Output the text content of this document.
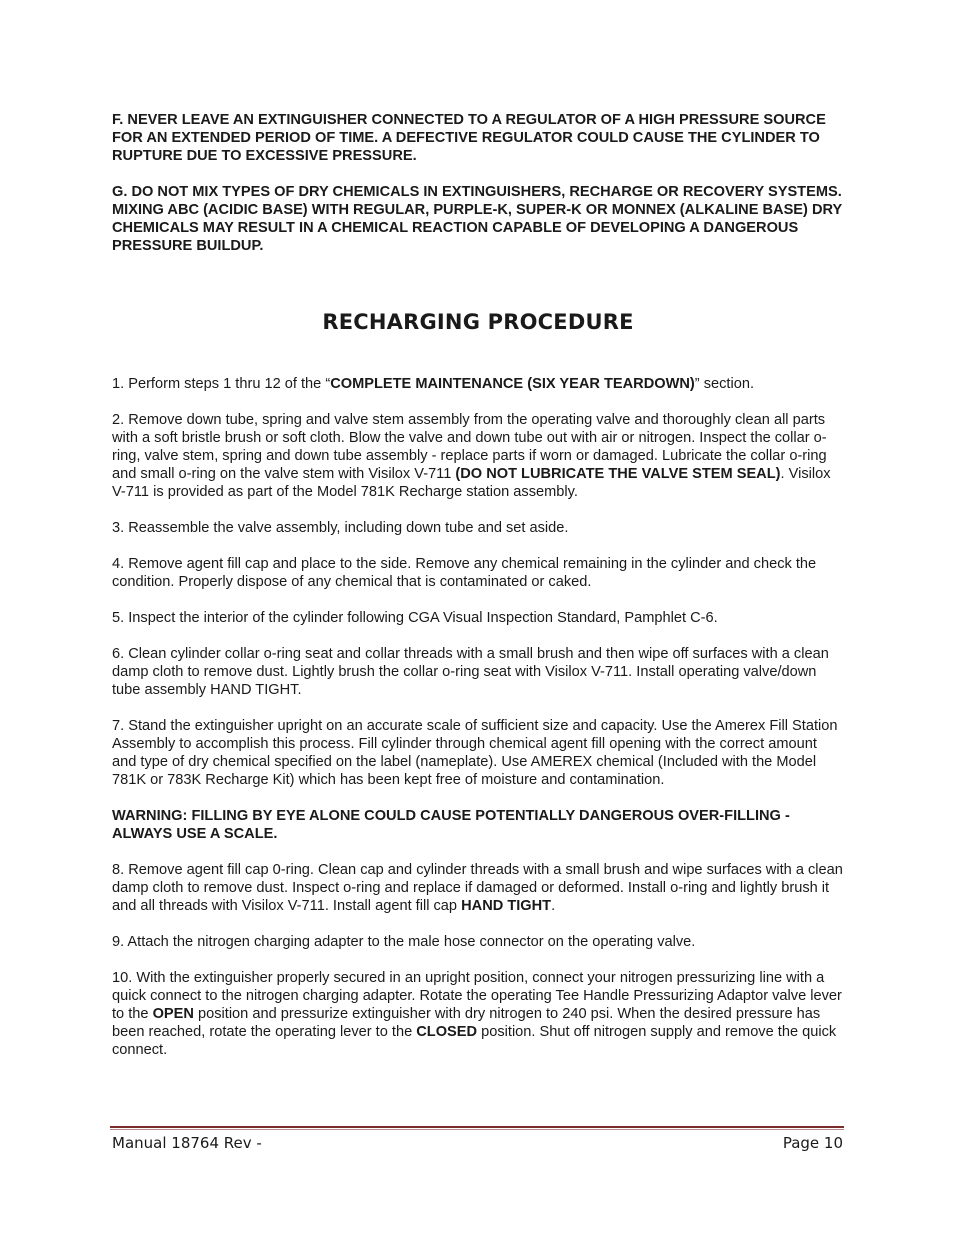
F. NEVER LEAVE AN EXTINGUISHER CONNECTED TO A REGULATOR OF A HIGH PRESSURE SOURCE FOR AN EXTENDED PERIOD OF TIME. A DEFECTIVE REGULATOR COULD CAUSE THE CYLINDER TO RUPTURE DUE TO EXCESSIVE PRESSURE.

G. DO NOT MIX TYPES OF DRY CHEMICALS IN EXTINGUISHERS, RECHARGE OR RECOVERY SYSTEMS. MIXING ABC (ACIDIC BASE) WITH REGULAR, PURPLE-K, SUPER-K OR MONNEX (ALKALINE BASE) DRY CHEMICALS MAY RESULT IN A CHEMICAL REACTION CAPABLE OF DEVELOPING A DANGEROUS PRESSURE BUILDUP.

RECHARGING PROCEDURE

1. Perform steps 1 thru 12 of the “COMPLETE MAINTENANCE (SIX YEAR TEARDOWN)” section.

2. Remove down tube, spring and valve stem assembly from the operating valve and thoroughly clean all parts with a soft bristle brush or soft cloth. Blow the valve and down tube out with air or nitrogen. Inspect the collar o-ring, valve stem, spring and down tube assembly - replace parts if worn or damaged. Lubricate the collar o-ring and small o-ring on the valve stem with Visilox V-711 (DO NOT LUBRICATE THE VALVE STEM SEAL). Visilox V-711 is provided as part of the Model 781K Recharge station assembly.

3. Reassemble the valve assembly, including down tube and set aside.

4. Remove agent fill cap and place to the side. Remove any chemical remaining in the cylinder and check the condition. Properly dispose of any chemical that is contaminated or caked.

5. Inspect the interior of the cylinder following CGA Visual Inspection Standard, Pamphlet C-6.

6. Clean cylinder collar o-ring seat and collar threads with a small brush and then wipe off surfaces with a clean damp cloth to remove dust. Lightly brush the collar o-ring seat with Visilox V-711. Install operating valve/down tube assembly HAND TIGHT.

7. Stand the extinguisher upright on an accurate scale of sufficient size and capacity. Use the Amerex Fill Station Assembly to accomplish this process. Fill cylinder through chemical agent fill opening with the correct amount and type of dry chemical specified on the label (nameplate). Use AMEREX chemical (Included with the Model 781K or 783K Recharge Kit) which has been kept free of moisture and contamination.

WARNING: FILLING BY EYE ALONE COULD CAUSE POTENTIALLY DANGEROUS OVER-FILLING - ALWAYS USE A SCALE.

8. Remove agent fill cap 0-ring. Clean cap and cylinder threads with a small brush and wipe surfaces with a clean damp cloth to remove dust. Inspect o-ring and replace if damaged or deformed. Install o-ring and lightly brush it and all threads with Visilox V-711. Install agent fill cap HAND TIGHT.

9. Attach the nitrogen charging adapter to the male hose connector on the operating valve.

10. With the extinguisher properly secured in an upright position, connect your nitrogen pressurizing line with a quick connect to the nitrogen charging adapter. Rotate the operating Tee Handle Pressurizing Adaptor valve lever to the OPEN position and pressurize extinguisher with dry nitrogen to 240 psi. When the desired pressure has been reached, rotate the operating lever to the CLOSED position. Shut off nitrogen supply and remove the quick connect.

Manual 18764 Rev -	Page 10
